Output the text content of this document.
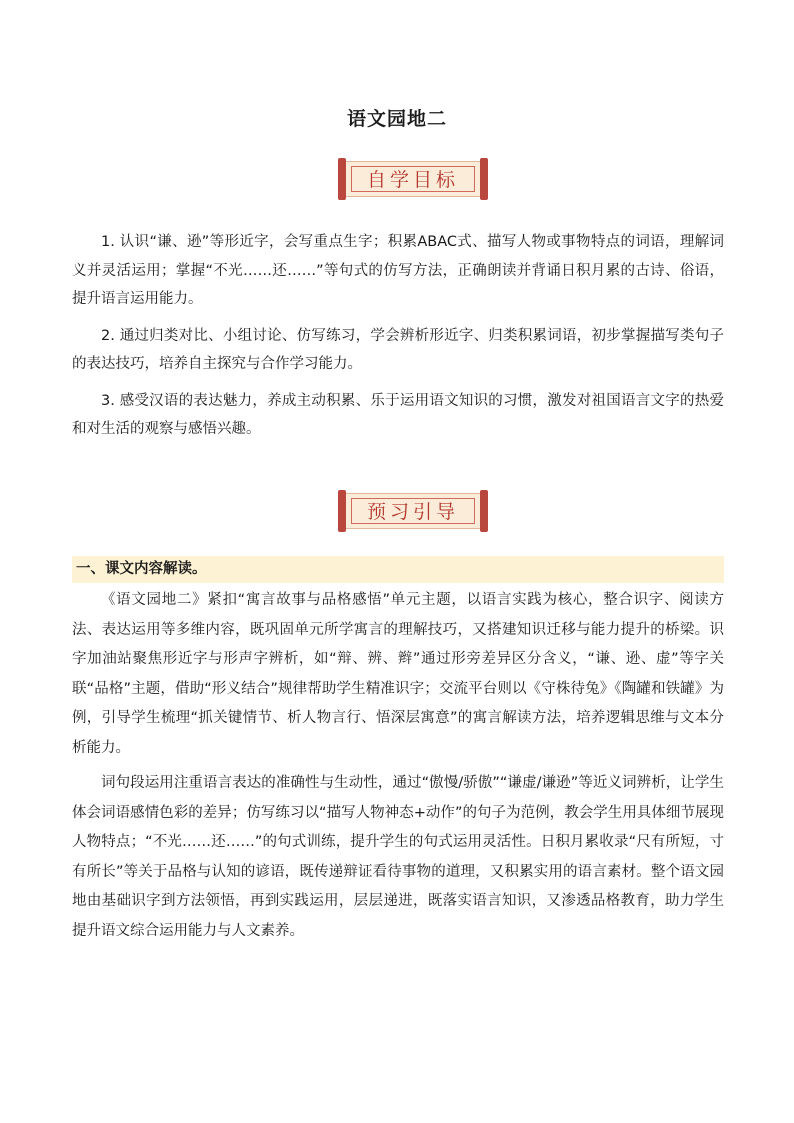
语文园地二
自学目标

1. 认识“谦、逊”等形近字，会写重点生字；积累ABAC式、描写人物或事物特点的词语，理解词义并灵活运用；掌握“不光……还……”等句式的仿写方法，正确朗读并背诵日积月累的古诗、俗语，提升语言运用能力。

2. 通过归类对比、小组讨论、仿写练习，学会辨析形近字、归类积累词语，初步掌握描写类句子的表达技巧，培养自主探究与合作学习能力。

3. 感受汉语的表达魅力，养成主动积累、乐于运用语文知识的习惯，激发对祖国语言文字的热爱和对生活的观察与感悟兴趣。

预习引导
一、课文内容解读。

《语文园地二》紧扣“寓言故事与品格感悟”单元主题，以语言实践为核心，整合识字、阅读方法、表达运用等多维内容，既巩固单元所学寓言的理解技巧，又搭建知识迁移与能力提升的桥梁。识字加油站聚焦形近字与形声字辨析，如“辩、辨、辫”通过形旁差异区分含义，“谦、逊、虚”等字关联“品格”主题，借助“形义结合”规律帮助学生精准识字；交流平台则以《守株待兔》《陶罐和铁罐》为例，引导学生梳理“抓关键情节、析人物言行、悟深层寓意”的寓言解读方法，培养逻辑思维与文本分析能力。

词句段运用注重语言表达的准确性与生动性，通过“傲慢/骄傲”“谦虚/谦逊”等近义词辨析，让学生体会词语感情色彩的差异；仿写练习以“描写人物神态+动作”的句子为范例，教会学生用具体细节展现人物特点；“不光……还……”的句式训练，提升学生的句式运用灵活性。日积月累收录“尺有所短，寸有所长”等关于品格与认知的谚语，既传递辩证看待事物的道理，又积累实用的语言素材。整个语文园地由基础识字到方法领悟，再到实践运用，层层递进，既落实语言知识，又渗透品格教育，助力学生提升语文综合运用能力与人文素养。
